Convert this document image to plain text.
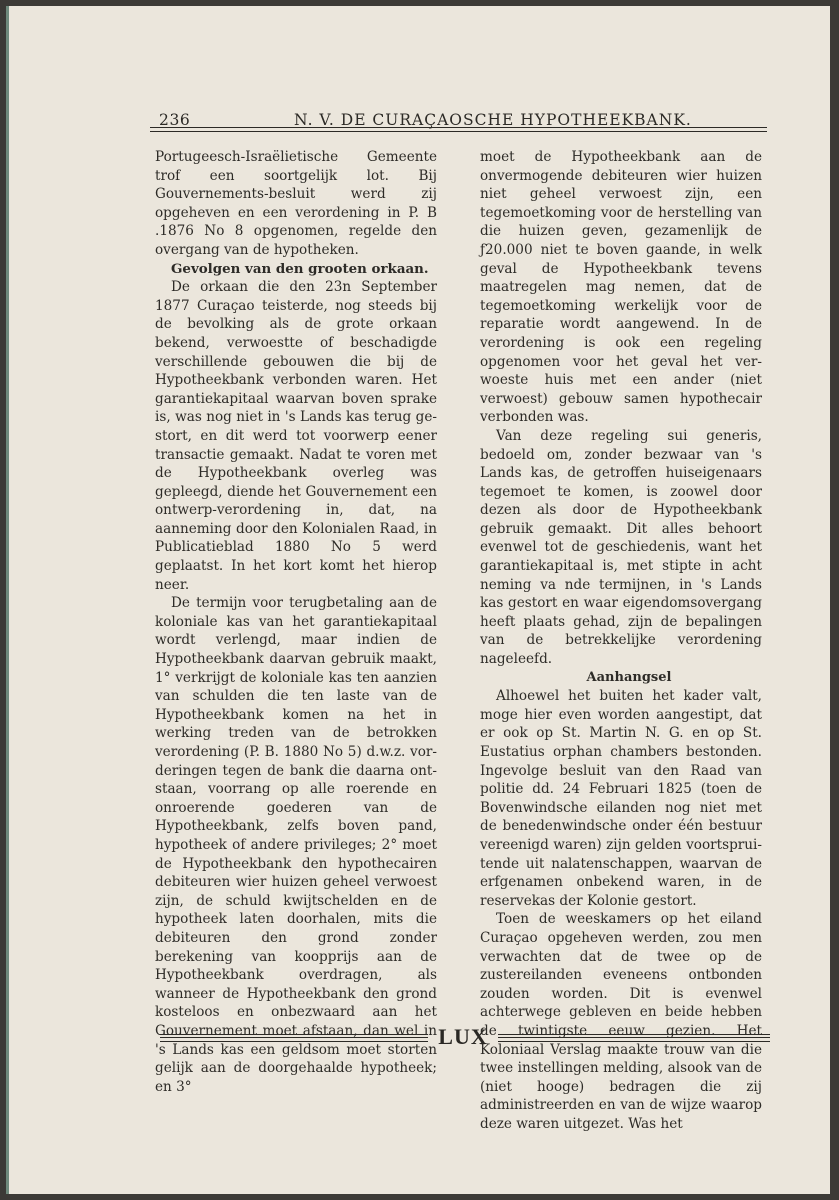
236	N. V. DE CURAÇAOSCHE HYPOTHEEKBANK.

Portugeesch-Israëlietische Gemeente trof een soortgelijk lot. Bij Gouvernements-besluit werd zij opgeheven en een verordening in P. B .1876 No 8 opgenomen, regelde den overgang van de hypotheken.

Gevolgen van den grooten orkaan.

De orkaan die den 23n September 1877 Curaçao teisterde, nog steeds bij de bevolking als de grote orkaan bekend, verwoestte of beschadigde verschillende gebouwen die bij de Hypotheekbank verbonden waren. Het garantiekapitaal waarvan boven sprake is, was nog niet in 's Lands kas terug gestort, en dit werd tot voorwerp eener transactie gemaakt. Nadat te voren met de Hypotheekbank overleg was gepleegd, diende het Gouvernement een ontwerp-verordening in, dat, na aanneming door den Kolonialen Raad, in Publicatieblad 1880 No 5 werd geplaatst. In het kort komt het hierop neer.

De termijn voor terugbetaling aan de koloniale kas van het garantiekapitaal wordt verlengd, maar indien de Hypotheekbank daarvan gebruik maakt, 1° verkrijgt de koloniale kas ten aanzien van schulden die ten laste van de Hypotheekbank komen na het in werking treden van de betrokken verordening (P. B. 1880 No 5) d.w.z. vorderingen tegen de bank die daarna ontstaan, voorrang op alle roerende en onroerende goederen van de Hypotheekbank, zelfs boven pand, hypotheek of andere privileges; 2° moet de Hypotheekbank den hypothecairen debiteuren wier huizen geheel verwoest zijn, de schuld kwijtschelden en de hypotheek laten doorhalen, mits die debiteuren den grond zonder berekening van koopprijs aan de Hypotheekbank overdragen, als wanneer de Hypotheekbank den grond kosteloos en onbezwaard aan het Gouvernement moet afstaan, dan wel in 's Lands kas een geldsom moet storten gelijk aan de doorgehaalde hypotheek; en 3°

moet de Hypotheekbank aan de onvermogende debiteuren wier huizen niet geheel verwoest zijn, een tegemoetkoming voor de herstelling van die huizen geven, gezamenlijk de ƒ20.000 niet te boven gaande, in welk geval de Hypotheekbank tevens maatregelen mag nemen, dat de tegemoetkoming werkelijk voor de reparatie wordt aangewend. In de verordening is ook een regeling opgenomen voor het geval het verwoeste huis met een ander (niet verwoest) gebouw samen hypothecair verbonden was.

Van deze regeling sui generis, bedoeld om, zonder bezwaar van 's Lands kas, de getroffen huiseigenaars tegemoet te komen, is zoowel door dezen als door de Hypotheekbank gebruik gemaakt. Dit alles behoort evenwel tot de geschiedenis, want het garantiekapitaal is, met stipte in acht neming va nde termijnen, in 's Lands kas gestort en waar eigendomsovergang heeft plaats gehad, zijn de bepalingen van de betrekkelijke verordening nageleefd.

Aanhangsel

Alhoewel het buiten het kader valt, moge hier even worden aangestipt, dat er ook op St. Martin N. G. en op St. Eustatius orphan chambers bestonden. Ingevolge besluit van den Raad van politie dd. 24 Februari 1825 (toen de Bovenwindsche eilanden nog niet met de benedenwindsche onder één bestuur vereenigd waren) zijn gelden voortspruitende uit nalatenschappen, waarvan de erfgenamen onbekend waren, in de reservekas der Kolonie gestort.

Toen de weeskamers op het eiland Curaçao opgeheven werden, zou men verwachten dat de twee op de zustereilanden eveneens ontbonden zouden worden. Dit is evenwel achterwege gebleven en beide hebben de twintigste eeuw gezien. Het Koloniaal Verslag maakte trouw van die twee instellingen melding, alsook van de (niet hooge) bedragen die zij administreerden en van de wijze waarop deze waren uitgezet. Was het

LUX
